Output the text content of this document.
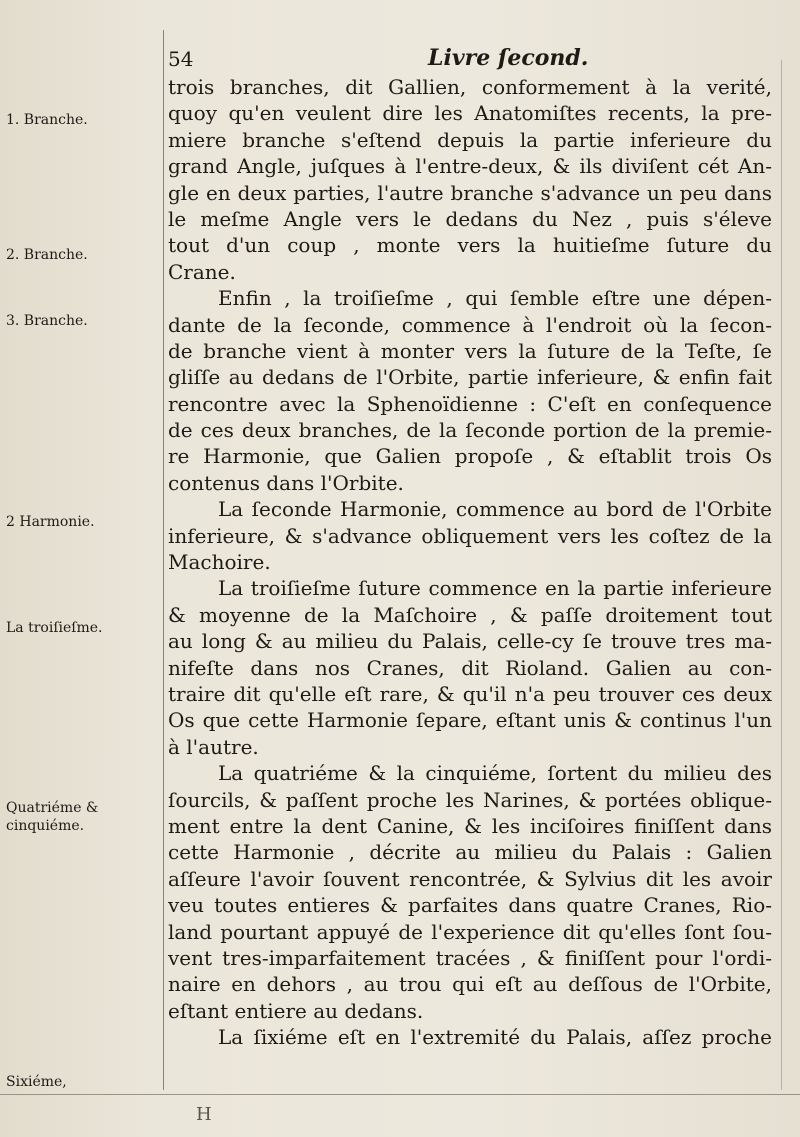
54	Livre ſecond.
1. Branche.
2. Branche.
3. Branche.
2 Harmonie.
La troiſieſme.
Quatriéme &
cinquiéme.
Sixiéme,
trois branches, dit Gallien, conformement à la verité,
quoy qu'en veulent dire les Anatomiſtes recents, la pre-
miere branche s'eſtend depuis la partie inferieure du
grand Angle, juſques à l'entre-deux, & ils diviſent cét An-
gle en deux parties, l'autre branche s'advance un peu dans
le meſme Angle vers le dedans du Nez , puis s'éleve
tout d'un coup , monte vers la huitieſme ſuture du
Crane.
Enfin , la troiſieſme , qui ſemble eſtre une dépen-
dante de la ſeconde, commence à l'endroit où la ſecon-
de branche vient à monter vers la ſuture de la Teſte, ſe
gliſſe au dedans de l'Orbite, partie inferieure, & enfin fait
rencontre avec la Sphenoïdienne : C'eſt en conſequence
de ces deux branches, de la ſeconde portion de la premie-
re Harmonie, que Galien propoſe , & eſtablit trois Os
contenus dans l'Orbite.
La ſeconde Harmonie, commence au bord de l'Orbite
inferieure, & s'advance obliquement vers les coſtez de la
Machoire.
La troiſieſme ſuture commence en la partie inferieure
& moyenne de la Maſchoire , & paſſe droitement tout
au long & au milieu du Palais, celle-cy ſe trouve tres ma-
nifeſte dans nos Cranes, dit Rioland. Galien au con-
traire dit qu'elle eſt rare, & qu'il n'a peu trouver ces deux
Os que cette Harmonie ſepare, eſtant unis & continus l'un
à l'autre.
La quatriéme & la cinquiéme, ſortent du milieu des
ſourcils, & paſſent proche les Narines, & portées oblique-
ment entre la dent Canine, & les inciſoires finiſſent dans
cette Harmonie , décrite au milieu du Palais : Galien
aſſeure l'avoir ſouvent rencontrée, & Sylvius dit les avoir
veu toutes entieres & parfaites dans quatre Cranes, Rio-
land pourtant appuyé de l'experience dit qu'elles ſont ſou-
vent tres-imparfaitement tracées , & finiſſent pour l'ordi-
naire en dehors , au trou qui eſt au deſſous de l'Orbite,
eſtant entiere au dedans.
La ſixiéme eſt en l'extremité du Palais, aſſez proche
H
